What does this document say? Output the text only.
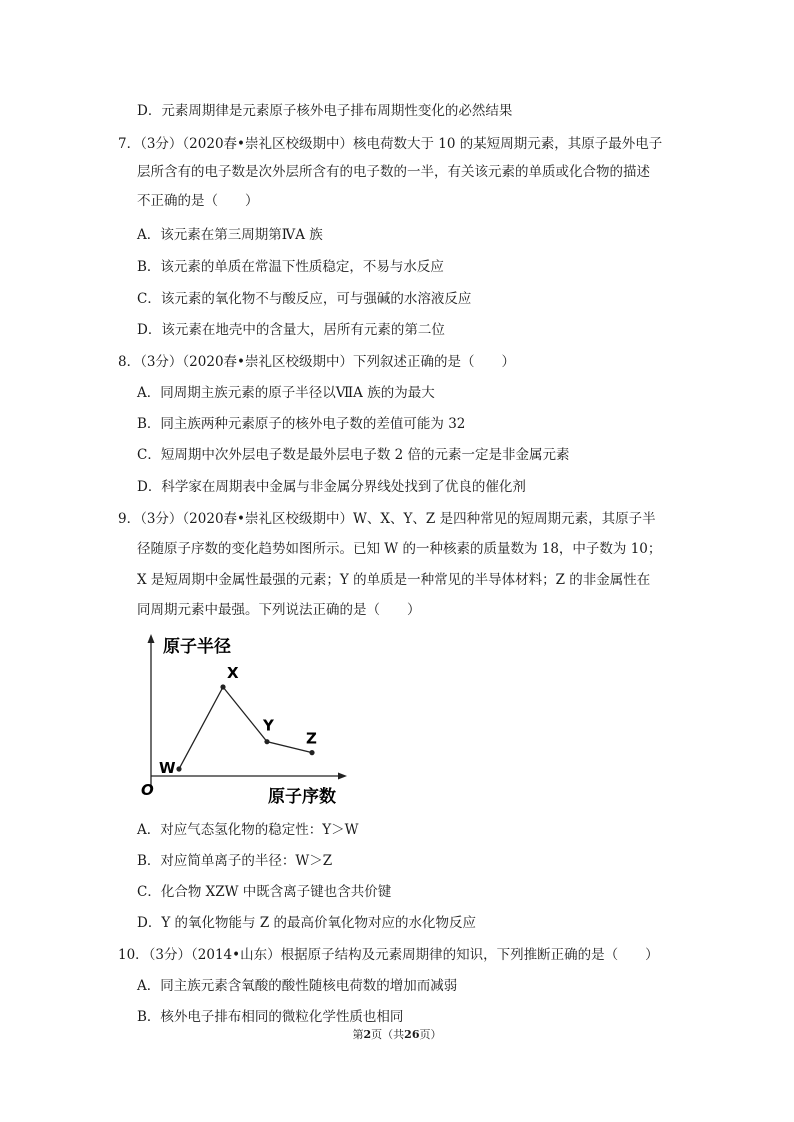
D．元素周期律是元素原子核外电子排布周期性变化的必然结果
7．（3分）（2020春•崇礼区校级期中）核电荷数大于 10 的某短周期元素，其原子最外电子
层所含有的电子数是次外层所含有的电子数的一半，有关该元素的单质或化合物的描述
不正确的是（　　）
A．该元素在第三周期第ⅣA 族
B．该元素的单质在常温下性质稳定，不易与水反应
C．该元素的氧化物不与酸反应，可与强碱的水溶液反应
D．该元素在地壳中的含量大，居所有元素的第二位
8．（3分）（2020春•崇礼区校级期中）下列叙述正确的是（　　）
A．同周期主族元素的原子半径以ⅦA 族的为最大
B．同主族两种元素原子的核外电子数的差值可能为 32
C．短周期中次外层电子数是最外层电子数 2 倍的元素一定是非金属元素
D．科学家在周期表中金属与非金属分界线处找到了优良的催化剂
9．（3分）（2020春•崇礼区校级期中）W、X、Y、Z 是四种常见的短周期元素，其原子半
径随原子序数的变化趋势如图所示。已知 W 的一种核素的质量数为 18，中子数为 10；
X 是短周期中金属性最强的元素；Y 的单质是一种常见的半导体材料；Z 的非金属性在
同周期元素中最强。下列说法正确的是（　　）
原子半径
原子序数
O
W
X
Y
Z
A．对应气态氢化物的稳定性：Y＞W
B．对应简单离子的半径：W＞Z
C．化合物 XZW 中既含离子键也含共价键
D．Y 的氧化物能与 Z 的最高价氧化物对应的水化物反应
10．（3分）（2014•山东）根据原子结构及元素周期律的知识，下列推断正确的是（　　）
A．同主族元素含氧酸的酸性随核电荷数的增加而减弱
B．核外电子排布相同的微粒化学性质也相同
第2页（共26页）
